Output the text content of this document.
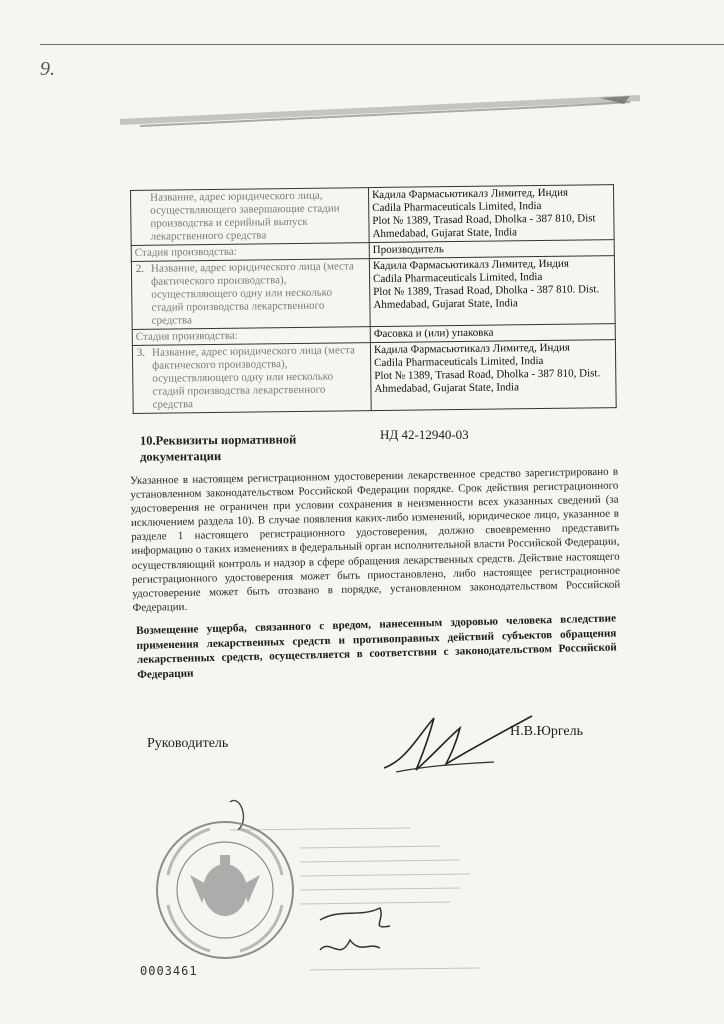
9.
	Название, адрес юридического лица, осуществляющего завершающие стадии производства и серийный выпуск лекарственного средства	Кадила Фармасьютикалз Лимитед, Индия
Cadila Pharmaceuticals Limited, India
Plot № 1389, Trasad Road, Dholka - 387 810, Dist
Ahmedabad, Gujarat State, India

Стадия производства:		Производитель
2.	Название, адрес юридического лица (места фактического производства), осуществляющего одну или несколько стадий производства лекарственного средства	Кадила Фармасьютикалз Лимитед, Индия
Cadila Pharmaceuticals Limited, India
Plot № 1389, Trasad Road, Dholka - 387 810. Dist.
Ahmedabad, Gujarat State, India

Стадия производства:		Фасовка и (или) упаковка
3.	Название, адрес юридического лица (места фактического производства), осуществляющего одну или несколько стадий производства лекарственного средства	Кадила Фармасьютикалз Лимитед, Индия
Cadila Pharmaceuticals Limited, India
Plot № 1389, Trasad Road, Dholka - 387 810, Dist.
Ahmedabad, Gujarat State, India
10.Реквизиты нормативной документации
НД 42-12940-03
Указанное в настоящем регистрационном удостоверении лекарственное средство зарегистрировано в установленном законодательством Российской Федерации порядке. Срок действия регистрационного удостоверения не ограничен при условии сохранения в неизменности всех указанных сведений (за исключением раздела 10). В случае появления каких-либо изменений, юридическое лицо, указанное в разделе 1 настоящего регистрационного удостоверения, должно своевременно представить информацию о таких изменениях в федеральный орган исполнительной власти Российской Федерации, осуществляющий контроль и надзор в сфере обращения лекарственных средств. Действие настоящего регистрационного удостоверения может быть приостановлено, либо настоящее регистрационное удостоверение может быть отозвано в порядке, установленном законодательством Российской Федерации.
Возмещение ущерба, связанного с вредом, нанесенным здоровью человека вследствие применения лекарственных средств и противоправных действий субъектов обращения лекарственных средств, осуществляется в соответствии с законодательством Российской Федерации
Руководитель
Н.В.Юргель
0003461
